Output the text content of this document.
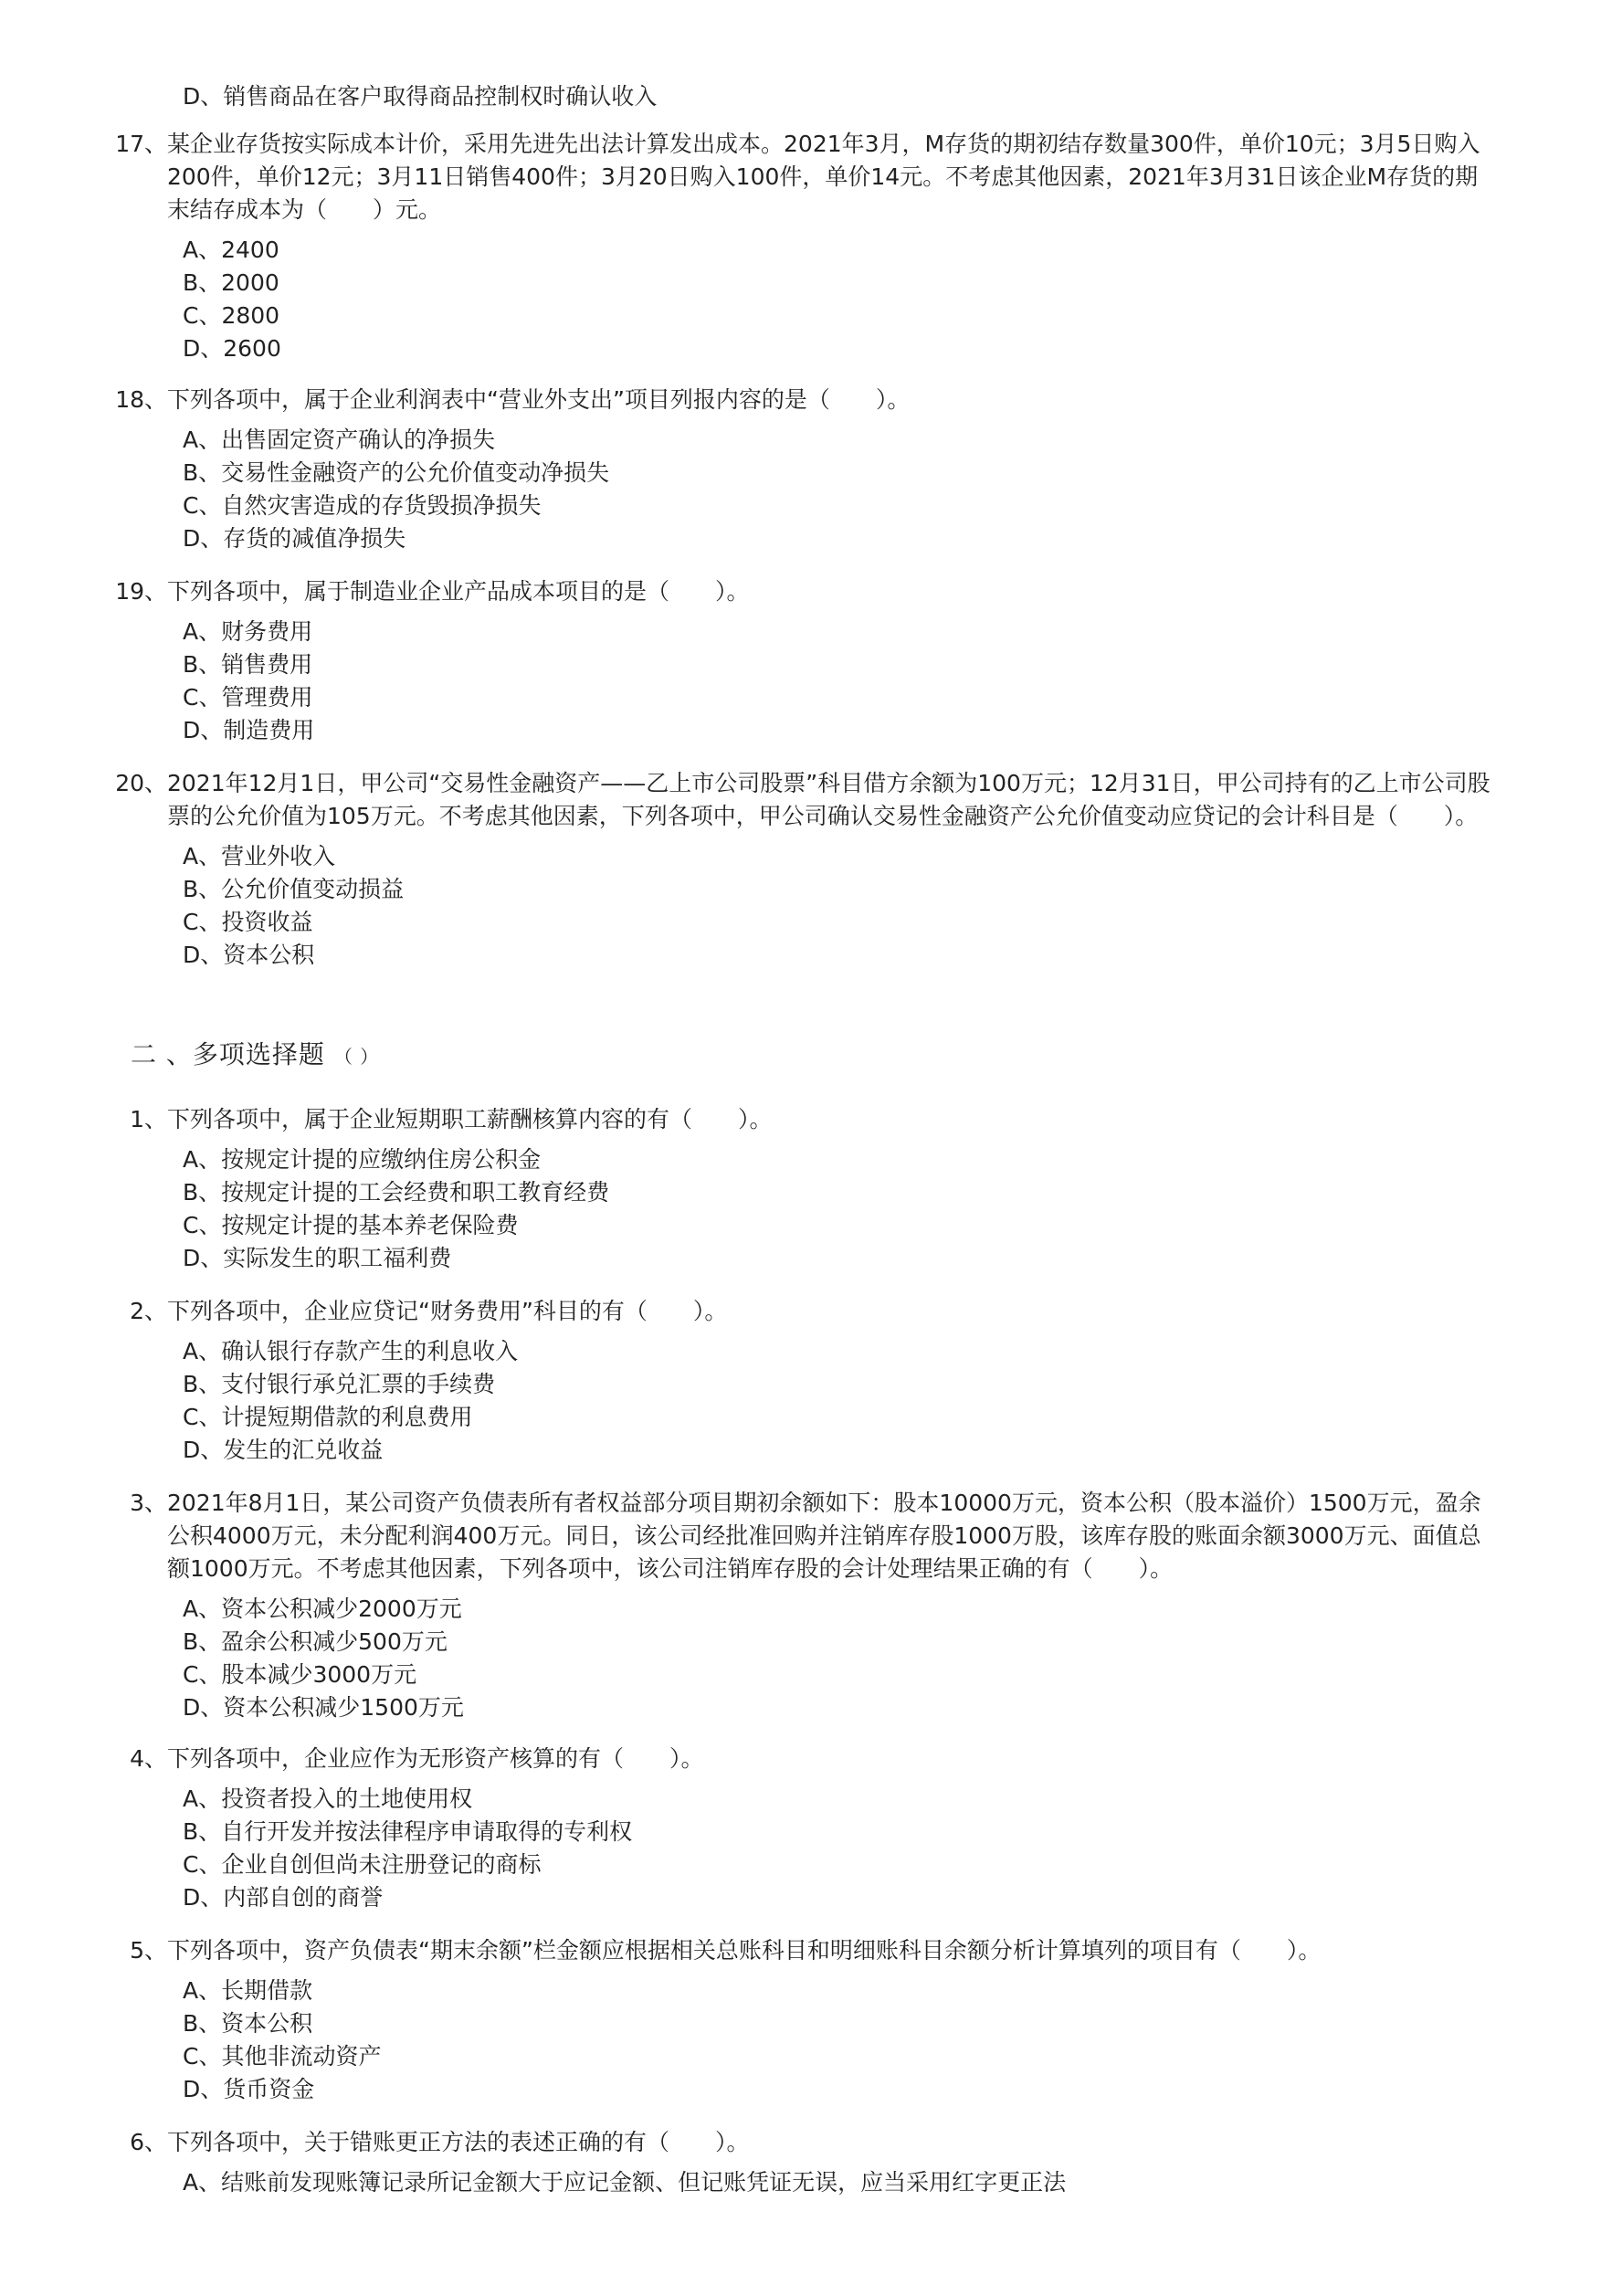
D、销售商品在客户取得商品控制权时确认收入
17、 某企业存货按实际成本计价，采用先进先出法计算发出成本。2021年3月，M存货的期初结存数量300件，单价10元；3月5日购入200件，单价12元；3月11日销售400件；3月20日购入100件，单价14元。不考虑其他因素，2021年3月31日该企业M存货的期末结存成本为（　　）元。
A、2400
B、2000
C、2800
D、2600
18、 下列各项中，属于企业利润表中“营业外支出”项目列报内容的是（　　）。
A、出售固定资产确认的净损失
B、交易性金融资产的公允价值变动净损失
C、自然灾害造成的存货毁损净损失
D、存货的减值净损失
19、 下列各项中，属于制造业企业产品成本项目的是（　　）。
A、财务费用
B、销售费用
C、管理费用
D、制造费用
20、 2021年12月1日，甲公司“交易性金融资产——乙上市公司股票”科目借方余额为100万元；12月31日，甲公司持有的乙上市公司股票的公允价值为105万元。不考虑其他因素，下列各项中，甲公司确认交易性金融资产公允价值变动应贷记的会计科目是（　　）。
A、营业外收入
B、公允价值变动损益
C、投资收益
D、资本公积
二 、多项选择题 （ ）
1、 下列各项中，属于企业短期职工薪酬核算内容的有（　　）。
A、按规定计提的应缴纳住房公积金
B、按规定计提的工会经费和职工教育经费
C、按规定计提的基本养老保险费
D、实际发生的职工福利费
2、 下列各项中，企业应贷记“财务费用”科目的有（　　）。
A、确认银行存款产生的利息收入
B、支付银行承兑汇票的手续费
C、计提短期借款的利息费用
D、发生的汇兑收益
3、 2021年8月1日，某公司资产负债表所有者权益部分项目期初余额如下：股本10000万元，资本公积（股本溢价）1500万元，盈余公积4000万元，未分配利润400万元。同日，该公司经批准回购并注销库存股1000万股，该库存股的账面余额3000万元、面值总额1000万元。不考虑其他因素，下列各项中，该公司注销库存股的会计处理结果正确的有（　　）。
A、资本公积减少2000万元
B、盈余公积减少500万元
C、股本减少3000万元
D、资本公积减少1500万元
4、 下列各项中，企业应作为无形资产核算的有（　　）。
A、投资者投入的土地使用权
B、自行开发并按法律程序申请取得的专利权
C、企业自创但尚未注册登记的商标
D、内部自创的商誉
5、 下列各项中，资产负债表“期末余额”栏金额应根据相关总账科目和明细账科目余额分析计算填列的项目有（　　）。
A、长期借款
B、资本公积
C、其他非流动资产
D、货币资金
6、 下列各项中，关于错账更正方法的表述正确的有（　　）。
A、结账前发现账簿记录所记金额大于应记金额、但记账凭证无误，应当采用红字更正法
